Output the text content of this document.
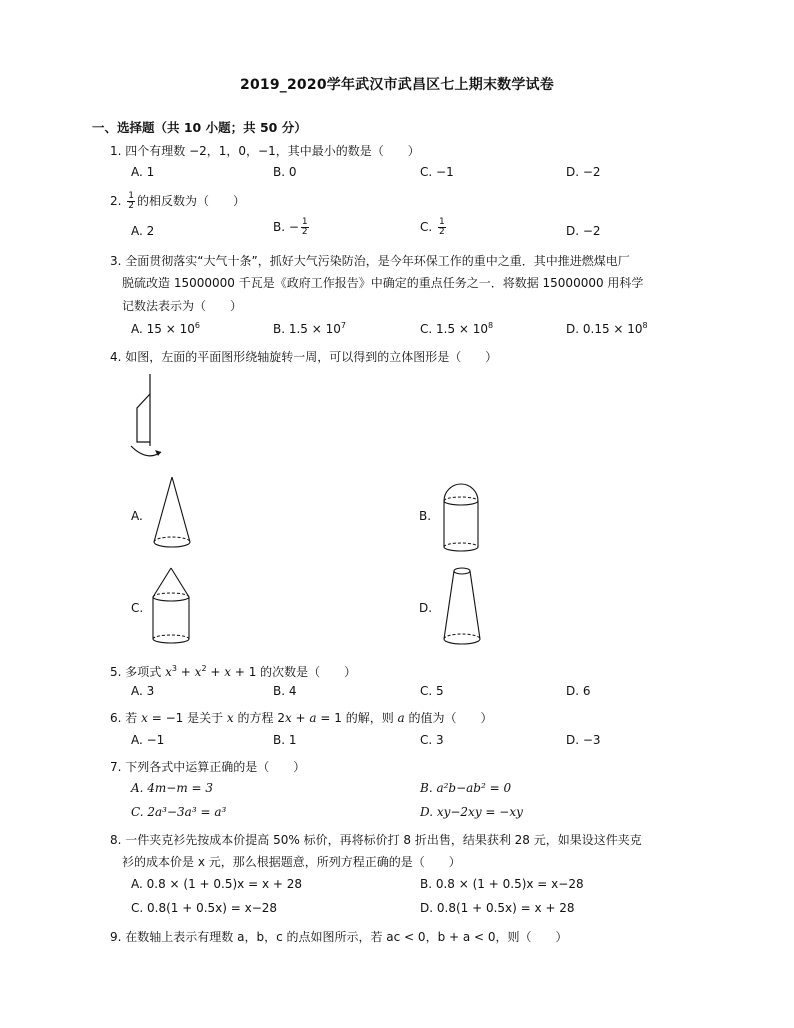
2019_2020学年武汉市武昌区七上期末数学试卷
一、选择题（共 10 小题；共 50 分）
1. 四个有理数 −2，1，0，−1，其中最小的数是（　　）
A. 1	B. 0	C. −1	D. −2
2. $\frac{1}{2}$ 的相反数为（　　）
A. 2	B. − $\frac{1}{2}$	C. $\frac{1}{2}$	D. −2
3. 全面贯彻落实“大气十条”，抓好大气污染防治，是今年环保工作的重中之重．其中推进燃煤电厂
脱硫改造 15000000 千瓦是《政府工作报告》中确定的重点任务之一．将数据 15000000 用科学
记数法表示为（　　）
A. $15 \times 10^6$	B. $1.5 \times 10^7$	C. $1.5 \times 10^8$	D. $0.15 \times 10^8$
4. 如图，左面的平面图形绕轴旋转一周，可以得到的立体图形是（　　）
A.	B.
C.	D.
5. 多项式 $x^3 + x^2 + x + 1$ 的次数是（　　）
A. 3	B. 4	C. 5	D. 6
6. 若 x = −1 是关于 x 的方程 2x + a = 1 的解，则 a 的值为（　　）
A. −1	B. 1	C. 3	D. −3
7. 下列各式中运算正确的是（　　）
A. 4m−m = 3	B. a²b−ab² = 0
C. 2a³−3a³ = a³	D. xy−2xy = −xy
8. 一件夹克衫先按成本价提高 50% 标价，再将标价打 8 折出售，结果获利 28 元，如果设这件夹克
衫的成本价是 x 元，那么根据题意，所列方程正确的是（　　）
A. 0.8 × (1 + 0.5)x = x + 28	B. 0.8 × (1 + 0.5)x = x−28
C. 0.8(1 + 0.5x) = x−28	D. 0.8(1 + 0.5x) = x + 28
9. 在数轴上表示有理数 a，b，c 的点如图所示，若 ac < 0，b + a < 0，则（　　）
